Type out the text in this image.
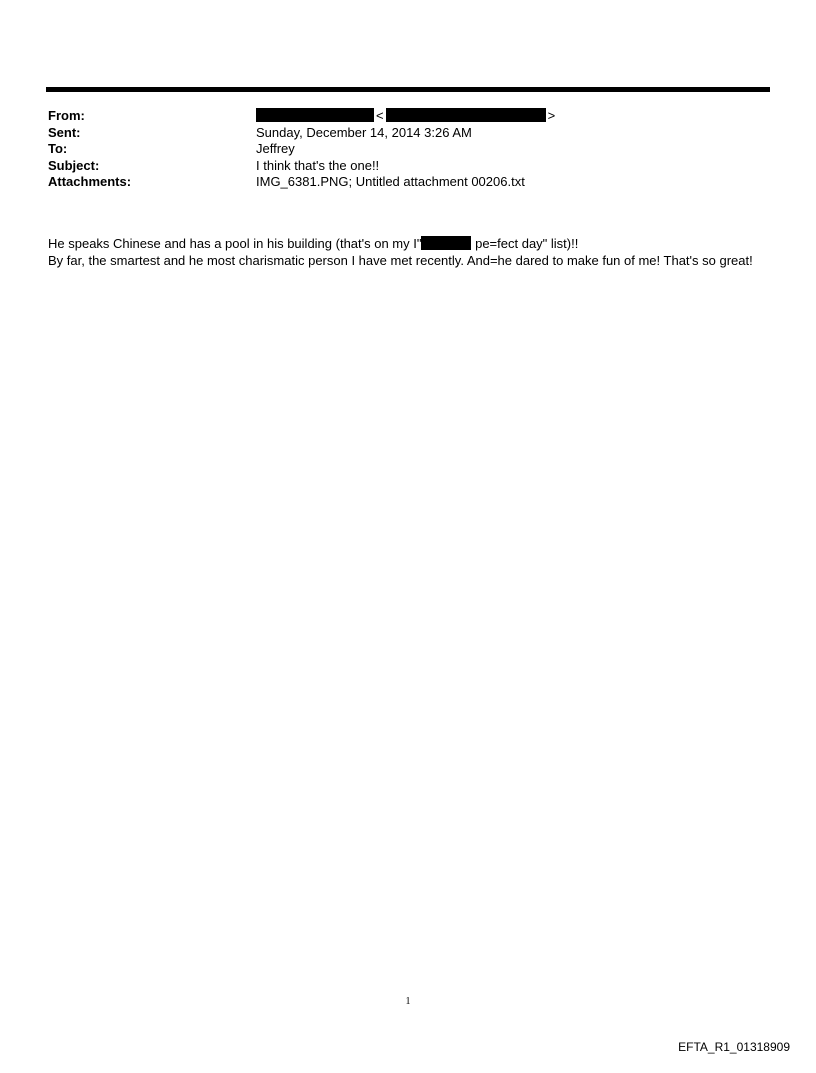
From:	<	>
Sent:	Sunday, December 14, 2014 3:26 AM
To:	Jeffrey
Subject:	I think that's the one!!
Attachments:	IMG_6381.PNG; Untitled attachment 00206.txt

He speaks Chinese and has a pool in his building (that's on my I"	pe=fect day" list)!!

By far, the smartest and he most charismatic person I have met recently. And=he dared to make fun of me! That's so great!

1
EFTA_R1_01318909
